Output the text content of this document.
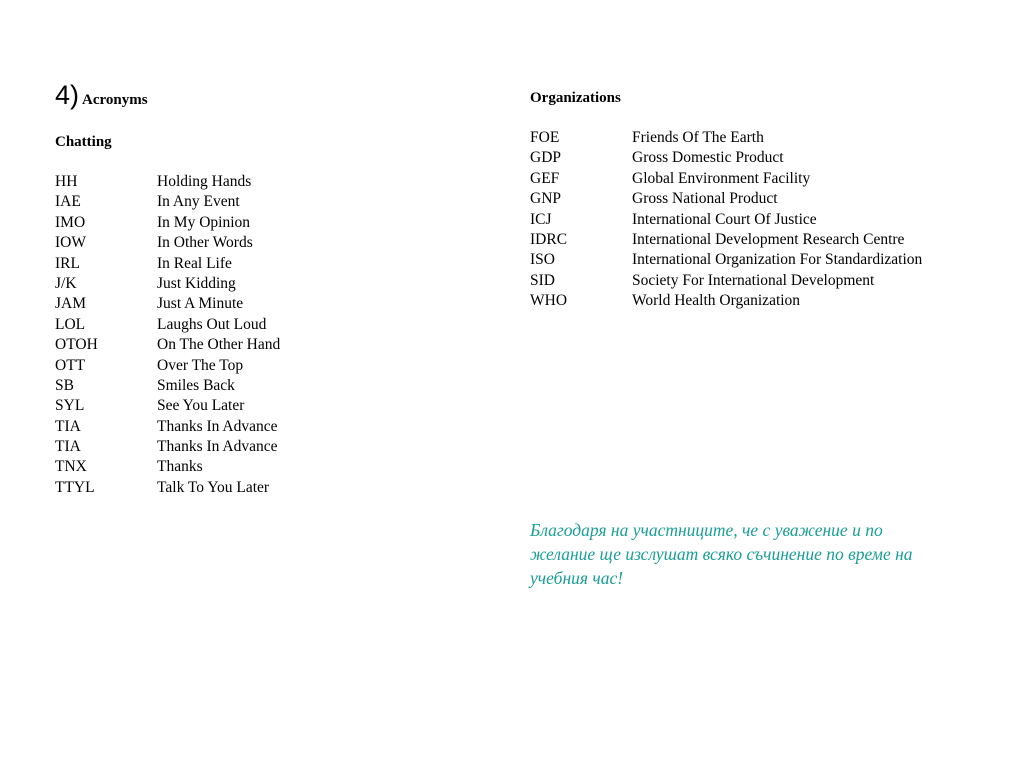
4) Acronyms
Chatting
HH	Holding Hands
IAE	In Any Event
IMO	In My Opinion
IOW	In Other Words
IRL	In Real Life
J/K	Just Kidding
JAM	Just A Minute
LOL	Laughs Out Loud
OTOH	On The Other Hand
OTT	Over The Top
SB	Smiles Back
SYL	See You Later
TIA	Thanks In Advance
TIA	Thanks In Advance
TNX	Thanks
TTYL	Talk To You Later
Organizations
FOE	Friends Of The Earth
GDP	Gross Domestic Product
GEF	Global Environment Facility
GNP	Gross National Product
ICJ	International Court Of Justice
IDRC	International Development Research Centre
ISO	International Organization For Standardization
SID	Society For International Development
WHO	World Health Organization
Благодаря на участниците, че с уважение и по желание ще изслушат всяко съчинение по време на учебния час!
